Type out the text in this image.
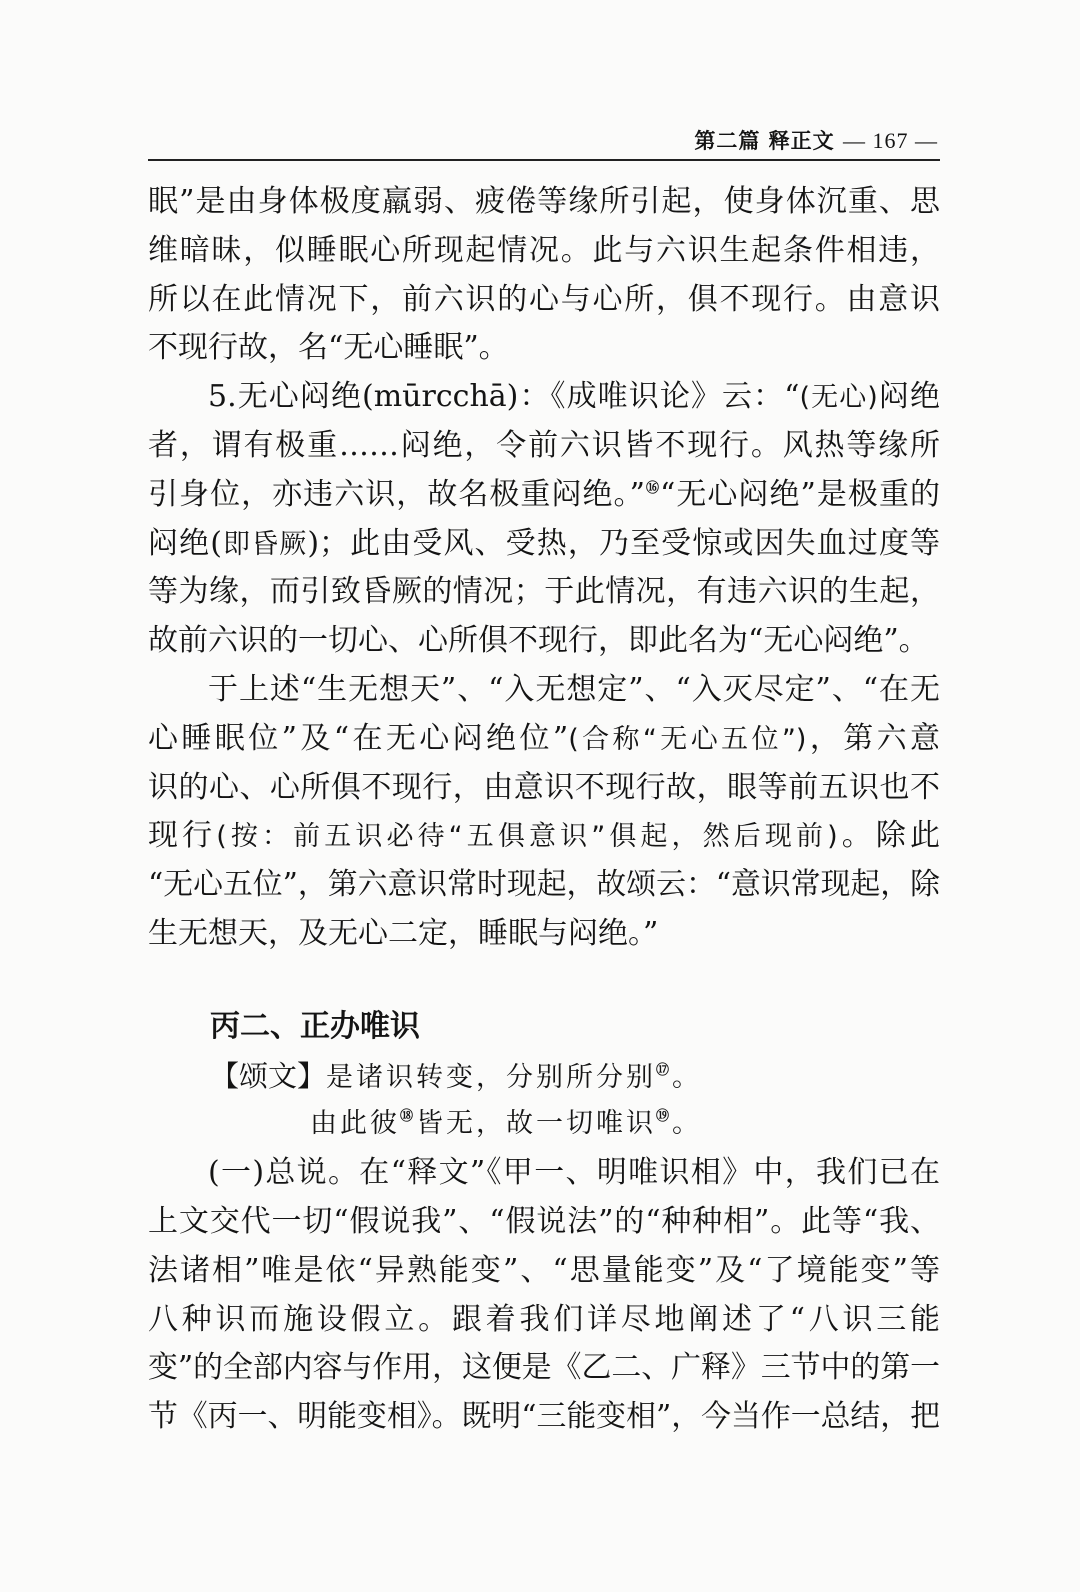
第二篇 释正文 — 167 —
眠”是由身体极度羸弱、疲倦等缘所引起，使身体沉重、思
维暗昧，似睡眠心所现起情况。此与六识生起条件相违，
所以在此情况下，前六识的心与心所，俱不现行。由意识
不现行故，名“无心睡眠”。
5.无心闷绝(mūrcchā)：《成唯识论》云：“(无心)闷绝
者，谓有极重……闷绝，令前六识皆不现行。风热等缘所
引身位，亦违六识，故名极重闷绝。”⑯“无心闷绝”是极重的
闷绝(即昏厥)；此由受风、受热，乃至受惊或因失血过度等
等为缘，而引致昏厥的情况；于此情况，有违六识的生起，
故前六识的一切心、心所俱不现行，即此名为“无心闷绝”。
于上述“生无想天”、“入无想定”、“入灭尽定”、“在无
心睡眠位”及“在无心闷绝位”(合称“无心五位”)，第六意
识的心、心所俱不现行，由意识不现行故，眼等前五识也不
现行(按：前五识必待“五俱意识”俱起，然后现前)。除此
“无心五位”，第六意识常时现起，故颂云：“意识常现起，除
生无想天，及无心二定，睡眠与闷绝。”
丙二、正办唯识
【颂文】是诸识转变，分别所分别⑰。
由此彼⑱皆无，故一切唯识⑲。
(一)总说。在“释文”《甲一、明唯识相》中，我们已在
上文交代一切“假说我”、“假说法”的“种种相”。此等“我、
法诸相”唯是依“异熟能变”、“思量能变”及“了境能变”等
八种识而施设假立。跟着我们详尽地阐述了“八识三能
变”的全部内容与作用，这便是《乙二、广释》三节中的第一
节《丙一、明能变相》。既明“三能变相”，今当作一总结，把
